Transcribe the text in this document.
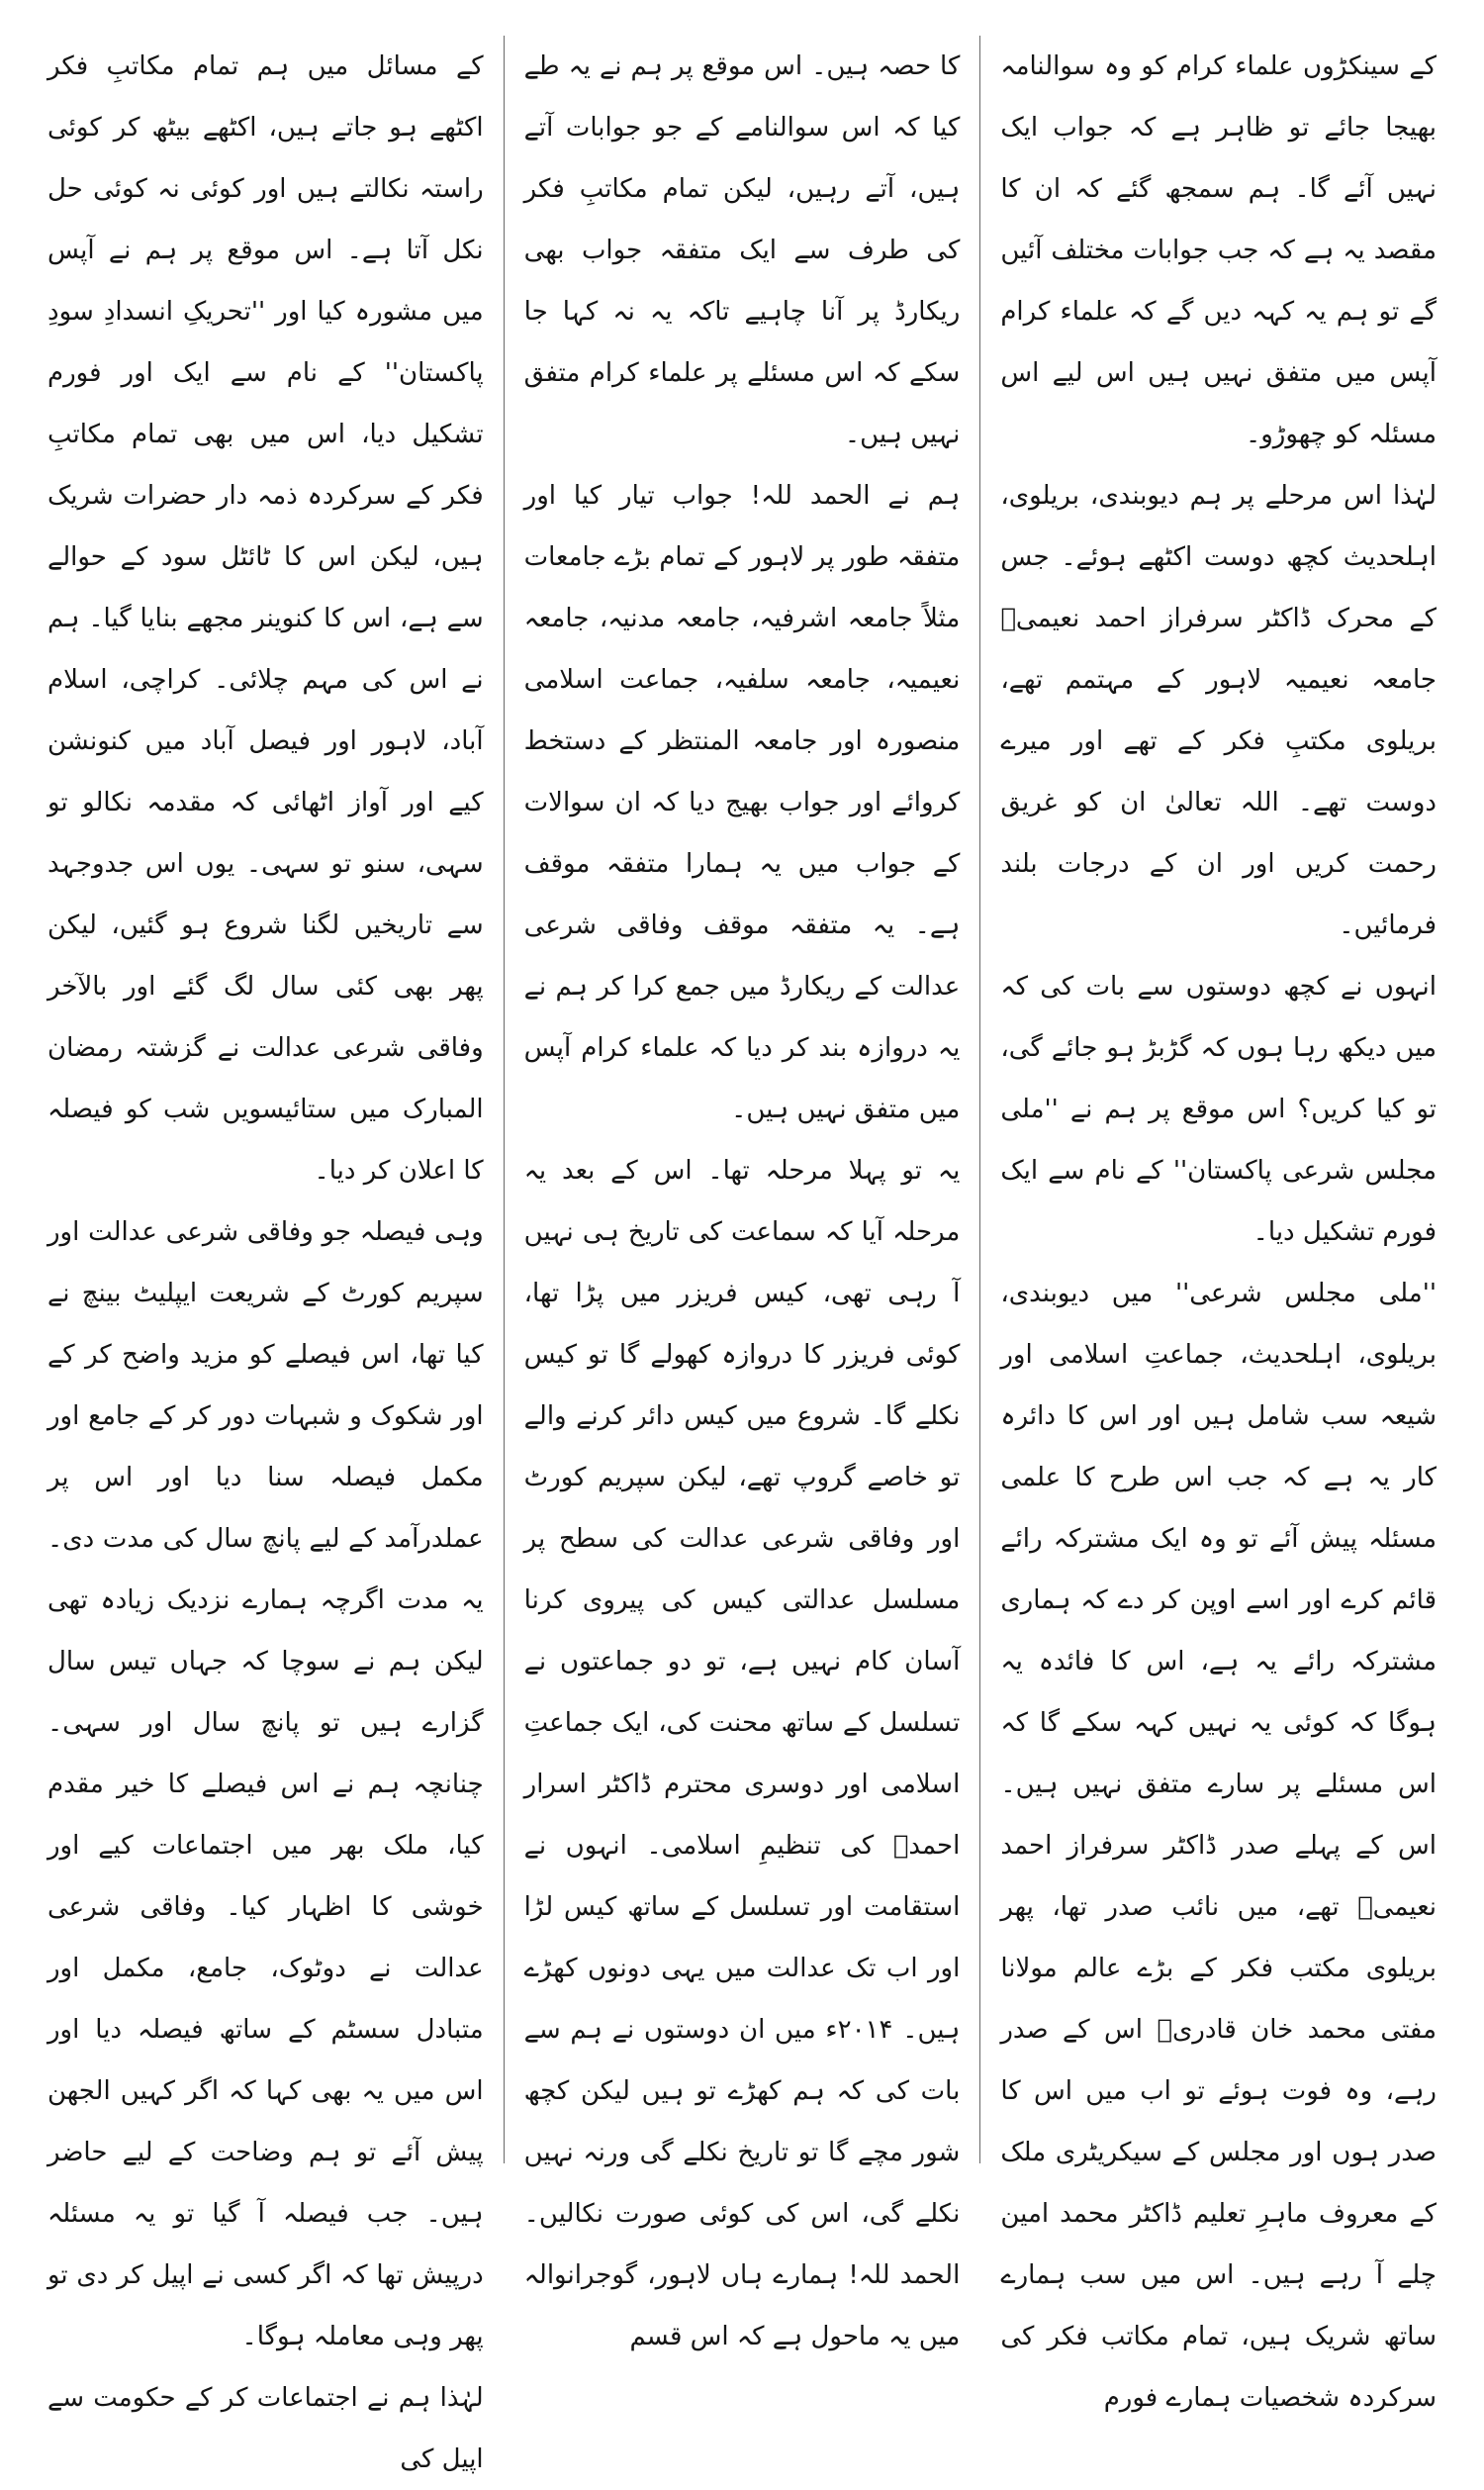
کے سینکڑوں علماء کرام کو وہ سوالنامہ بھیجا جائے تو ظاہر ہے کہ جواب ایک نہیں آئے گا۔ ہم سمجھ گئے کہ ان کا مقصد یہ ہے کہ جب جوابات مختلف آئیں گے تو ہم یہ کہہ دیں گے کہ علماء کرام آپس میں متفق نہیں ہیں اس لیے اس مسئلہ کو چھوڑو۔

لہٰذا اس مرحلے پر ہم دیوبندی، بریلوی، اہلحدیث کچھ دوست اکٹھے ہوئے۔ جس کے محرک ڈاکٹر سرفراز احمد نعیمیؒ جامعہ نعیمیہ لاہور کے مہتمم تھے، بریلوی مکتبِ فکر کے تھے اور میرے دوست تھے۔ اللہ تعالیٰ ان کو غریق رحمت کریں اور ان کے درجات بلند فرمائیں۔

انہوں نے کچھ دوستوں سے بات کی کہ میں دیکھ رہا ہوں کہ گڑبڑ ہو جائے گی، تو کیا کریں؟ اس موقع پر ہم نے ''ملی مجلس شرعی پاکستان'' کے نام سے ایک فورم تشکیل دیا۔

''ملی مجلس شرعی'' میں دیوبندی، بریلوی، اہلحدیث، جماعتِ اسلامی اور شیعہ سب شامل ہیں اور اس کا دائرہ کار یہ ہے کہ جب اس طرح کا علمی مسئلہ پیش آئے تو وہ ایک مشترکہ رائے قائم کرے اور اسے اوپن کر دے کہ ہماری مشترکہ رائے یہ ہے، اس کا فائدہ یہ ہوگا کہ کوئی یہ نہیں کہہ سکے گا کہ اس مسئلے پر سارے متفق نہیں ہیں۔ اس کے پہلے صدر ڈاکٹر سرفراز احمد نعیمیؒ تھے، میں نائب صدر تھا، پھر بریلوی مکتب فکر کے بڑے عالم مولانا مفتی محمد خان قادریؒ اس کے صدر رہے، وہ فوت ہوئے تو اب میں اس کا صدر ہوں اور مجلس کے سیکریٹری ملک کے معروف ماہرِ تعلیم ڈاکٹر محمد امین چلے آ رہے ہیں۔ اس میں سب ہمارے ساتھ شریک ہیں، تمام مکاتب فکر کی سرکردہ شخصیات ہمارے فورم

کا حصہ ہیں۔ اس موقع پر ہم نے یہ طے کیا کہ اس سوالنامے کے جو جوابات آتے ہیں، آتے رہیں، لیکن تمام مکاتبِ فکر کی طرف سے ایک متفقہ جواب بھی ریکارڈ پر آنا چاہیے تاکہ یہ نہ کہا جا سکے کہ اس مسئلے پر علماء کرام متفق نہیں ہیں۔

ہم نے الحمد للہ! جواب تیار کیا اور متفقہ طور پر لاہور کے تمام بڑے جامعات مثلاً جامعہ اشرفیہ، جامعہ مدنیہ، جامعہ نعیمیہ، جامعہ سلفیہ، جماعت اسلامی منصورہ اور جامعہ المنتظر کے دستخط کروائے اور جواب بھیج دیا کہ ان سوالات کے جواب میں یہ ہمارا متفقہ موقف ہے۔ یہ متفقہ موقف وفاقی شرعی عدالت کے ریکارڈ میں جمع کرا کر ہم نے یہ دروازہ بند کر دیا کہ علماء کرام آپس میں متفق نہیں ہیں۔

یہ تو پہلا مرحلہ تھا۔ اس کے بعد یہ مرحلہ آیا کہ سماعت کی تاریخ ہی نہیں آ رہی تھی، کیس فریزر میں پڑا تھا، کوئی فریزر کا دروازہ کھولے گا تو کیس نکلے گا۔ شروع میں کیس دائر کرنے والے تو خاصے گروپ تھے، لیکن سپریم کورٹ اور وفاقی شرعی عدالت کی سطح پر مسلسل عدالتی کیس کی پیروی کرنا آسان کام نہیں ہے، تو دو جماعتوں نے تسلسل کے ساتھ محنت کی، ایک جماعتِ اسلامی اور دوسری محترم ڈاکٹر اسرار احمدؒ کی تنظیمِ اسلامی۔ انہوں نے استقامت اور تسلسل کے ساتھ کیس لڑا اور اب تک عدالت میں یہی دونوں کھڑے ہیں۔ ۲۰۱۴ء میں ان دوستوں نے ہم سے بات کی کہ ہم کھڑے تو ہیں لیکن کچھ شور مچے گا تو تاریخ نکلے گی ورنہ نہیں نکلے گی، اس کی کوئی صورت نکالیں۔ الحمد للہ! ہمارے ہاں لاہور، گوجرانوالہ میں یہ ماحول ہے کہ اس قسم

کے مسائل میں ہم تمام مکاتبِ فکر اکٹھے ہو جاتے ہیں، اکٹھے بیٹھ کر کوئی راستہ نکالتے ہیں اور کوئی نہ کوئی حل نکل آتا ہے۔ اس موقع پر ہم نے آپس میں مشورہ کیا اور ''تحریکِ انسدادِ سودِ پاکستان'' کے نام سے ایک اور فورم تشکیل دیا، اس میں بھی تمام مکاتبِ فکر کے سرکردہ ذمہ دار حضرات شریک ہیں، لیکن اس کا ٹائٹل سود کے حوالے سے ہے، اس کا کنوینر مجھے بنایا گیا۔ ہم نے اس کی مہم چلائی۔ کراچی، اسلام آباد، لاہور اور فیصل آباد میں کنونشن کیے اور آواز اٹھائی کہ مقدمہ نکالو تو سہی، سنو تو سہی۔ یوں اس جدوجہد سے تاریخیں لگنا شروع ہو گئیں، لیکن پھر بھی کئی سال لگ گئے اور بالآخر وفاقی شرعی عدالت نے گزشتہ رمضان المبارک میں ستائیسویں شب کو فیصلہ کا اعلان کر دیا۔

وہی فیصلہ جو وفاقی شرعی عدالت اور سپریم کورٹ کے شریعت ایپلیٹ بینچ نے کیا تھا، اس فیصلے کو مزید واضح کر کے اور شکوک و شبہات دور کر کے جامع اور مکمل فیصلہ سنا دیا اور اس پر عملدرآمد کے لیے پانچ سال کی مدت دی۔ یہ مدت اگرچہ ہمارے نزدیک زیادہ تھی لیکن ہم نے سوچا کہ جہاں تیس سال گزارے ہیں تو پانچ سال اور سہی۔ چنانچہ ہم نے اس فیصلے کا خیر مقدم کیا، ملک بھر میں اجتماعات کیے اور خوشی کا اظہار کیا۔ وفاقی شرعی عدالت نے دوٹوک، جامع، مکمل اور متبادل سسٹم کے ساتھ فیصلہ دیا اور اس میں یہ بھی کہا کہ اگر کہیں الجھن پیش آئے تو ہم وضاحت کے لیے حاضر ہیں۔ جب فیصلہ آ گیا تو یہ مسئلہ درپیش تھا کہ اگر کسی نے اپیل کر دی تو پھر وہی معاملہ ہوگا۔

لہٰذا ہم نے اجتماعات کر کے حکومت سے اپیل کی
